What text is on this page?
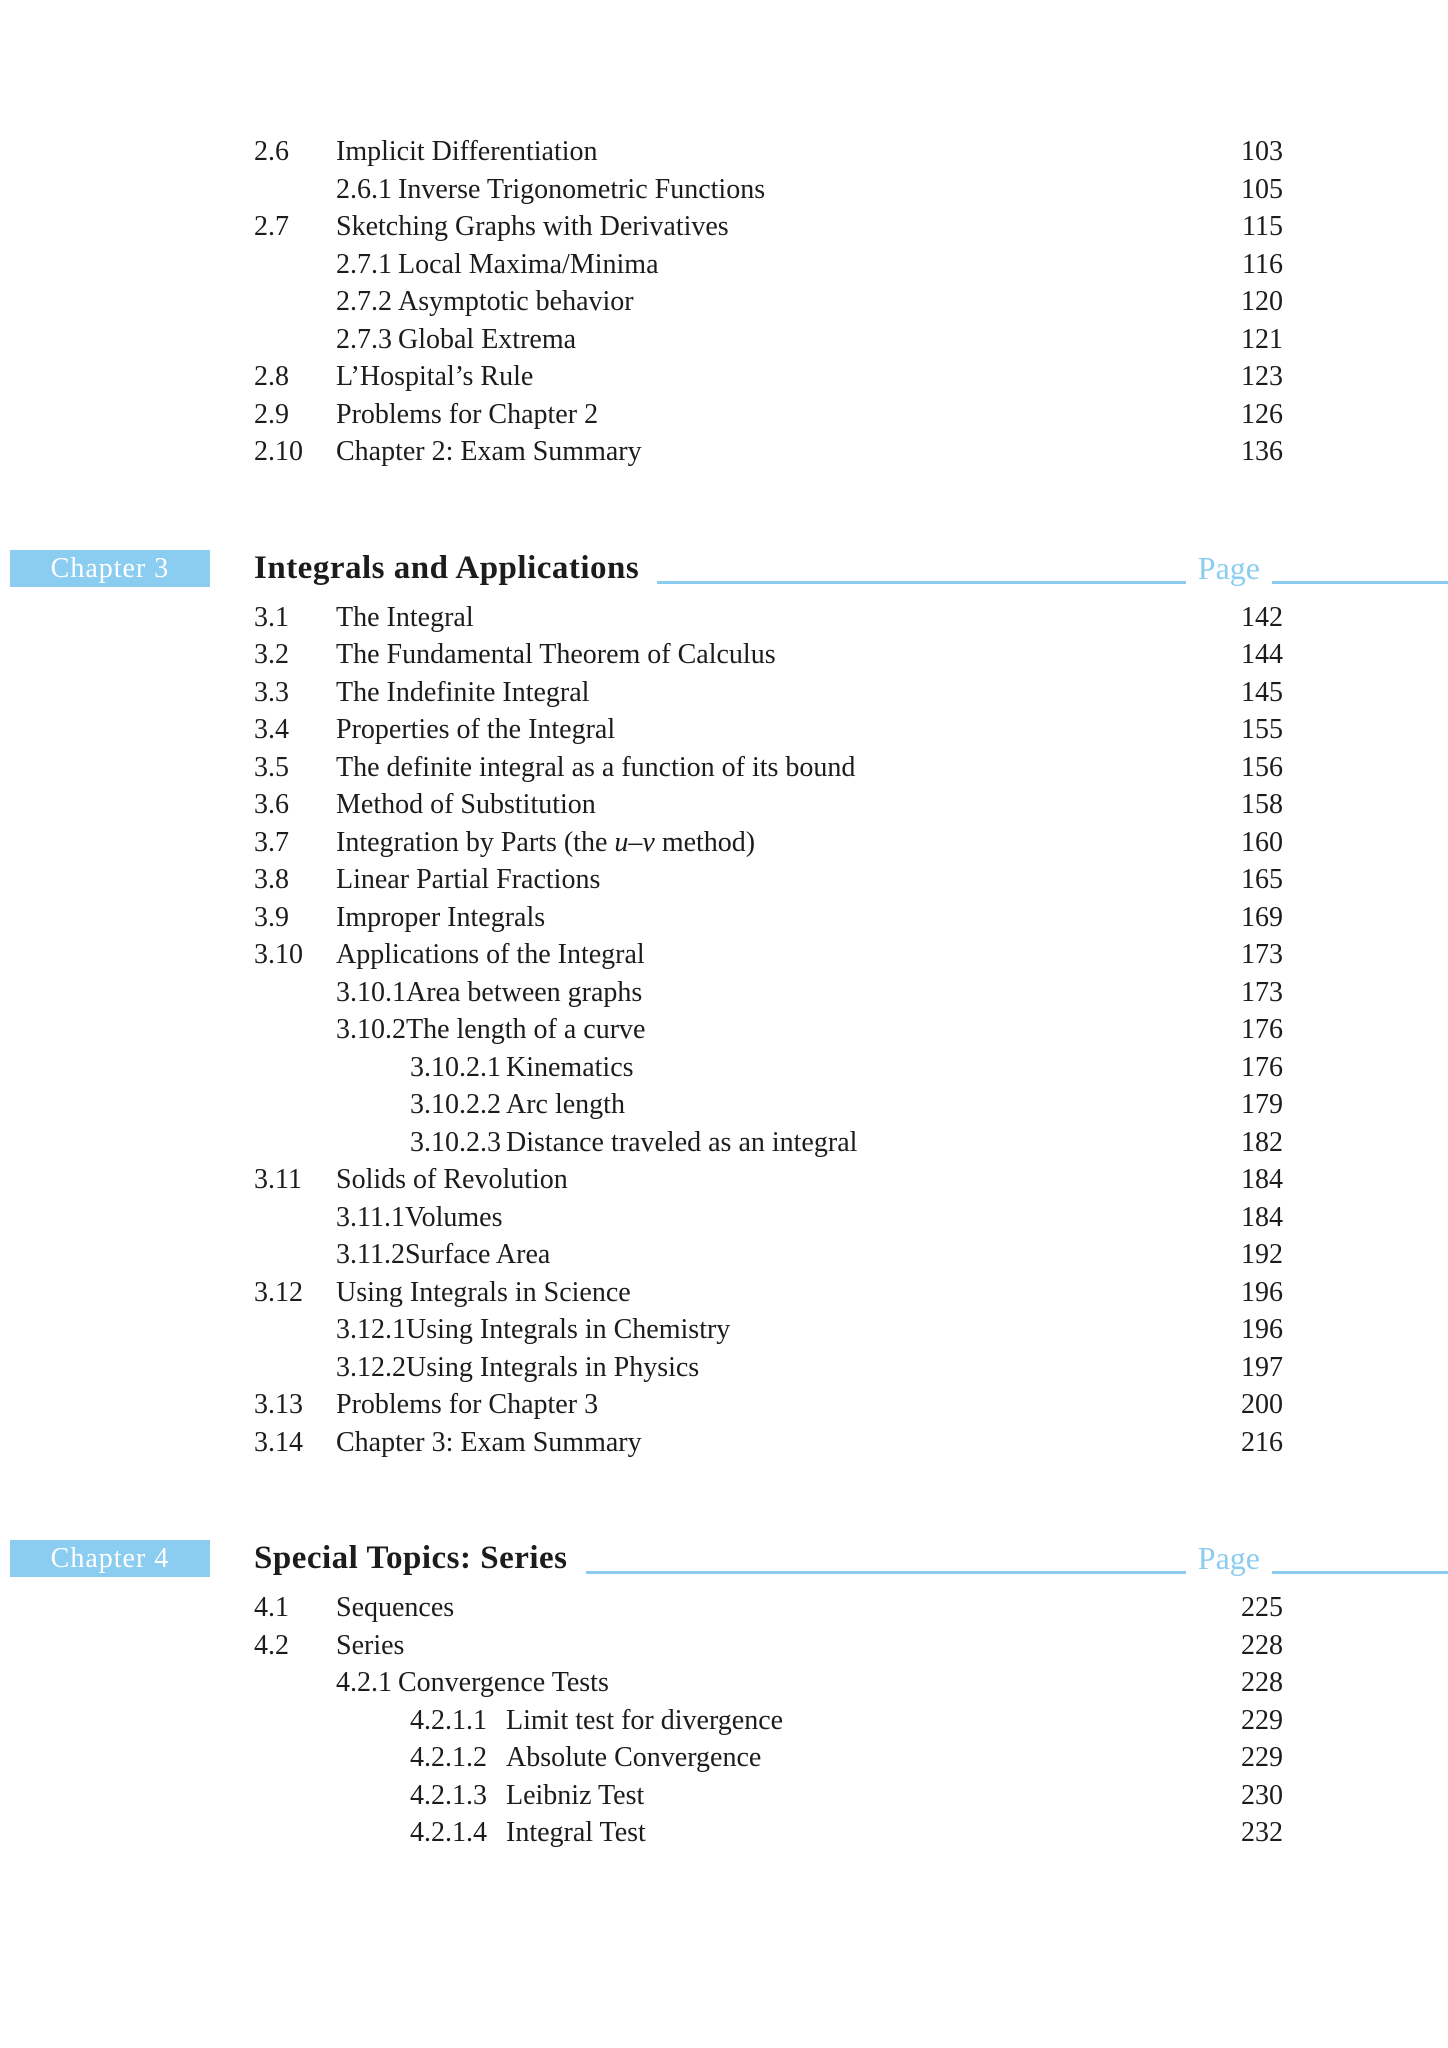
2.6	Implicit Differentiation	103
2.6.1 Inverse Trigonometric Functions	105
2.7	Sketching Graphs with Derivatives	115
2.7.1 Local Maxima/Minima	116
2.7.2 Asymptotic behavior	120
2.7.3 Global Extrema	121
2.8	L’Hospital’s Rule	123
2.9	Problems for Chapter 2	126
2.10	Chapter 2: Exam Summary	136
Chapter 3	Integrals and Applications	Page
3.1	The Integral	142
3.2	The Fundamental Theorem of Calculus	144
3.3	The Indefinite Integral	145
3.4	Properties of the Integral	155
3.5	The definite integral as a function of its bound	156
3.6	Method of Substitution	158
3.7	Integration by Parts (the u–v method)	160
3.8	Linear Partial Fractions	165
3.9	Improper Integrals	169
3.10	Applications of the Integral	173
3.10.1 Area between graphs	173
3.10.2 The length of a curve	176
3.10.2.1 Kinematics	176
3.10.2.2 Arc length	179
3.10.2.3 Distance traveled as an integral	182
3.11	Solids of Revolution	184
3.11.1 Volumes	184
3.11.2 Surface Area	192
3.12	Using Integrals in Science	196
3.12.1 Using Integrals in Chemistry	196
3.12.2 Using Integrals in Physics	197
3.13	Problems for Chapter 3	200
3.14	Chapter 3: Exam Summary	216
Chapter 4	Special Topics: Series	Page
4.1	Sequences	225
4.2	Series	228
4.2.1 Convergence Tests	228
4.2.1.1 Limit test for divergence	229
4.2.1.2 Absolute Convergence	229
4.2.1.3 Leibniz Test	230
4.2.1.4 Integral Test	232
